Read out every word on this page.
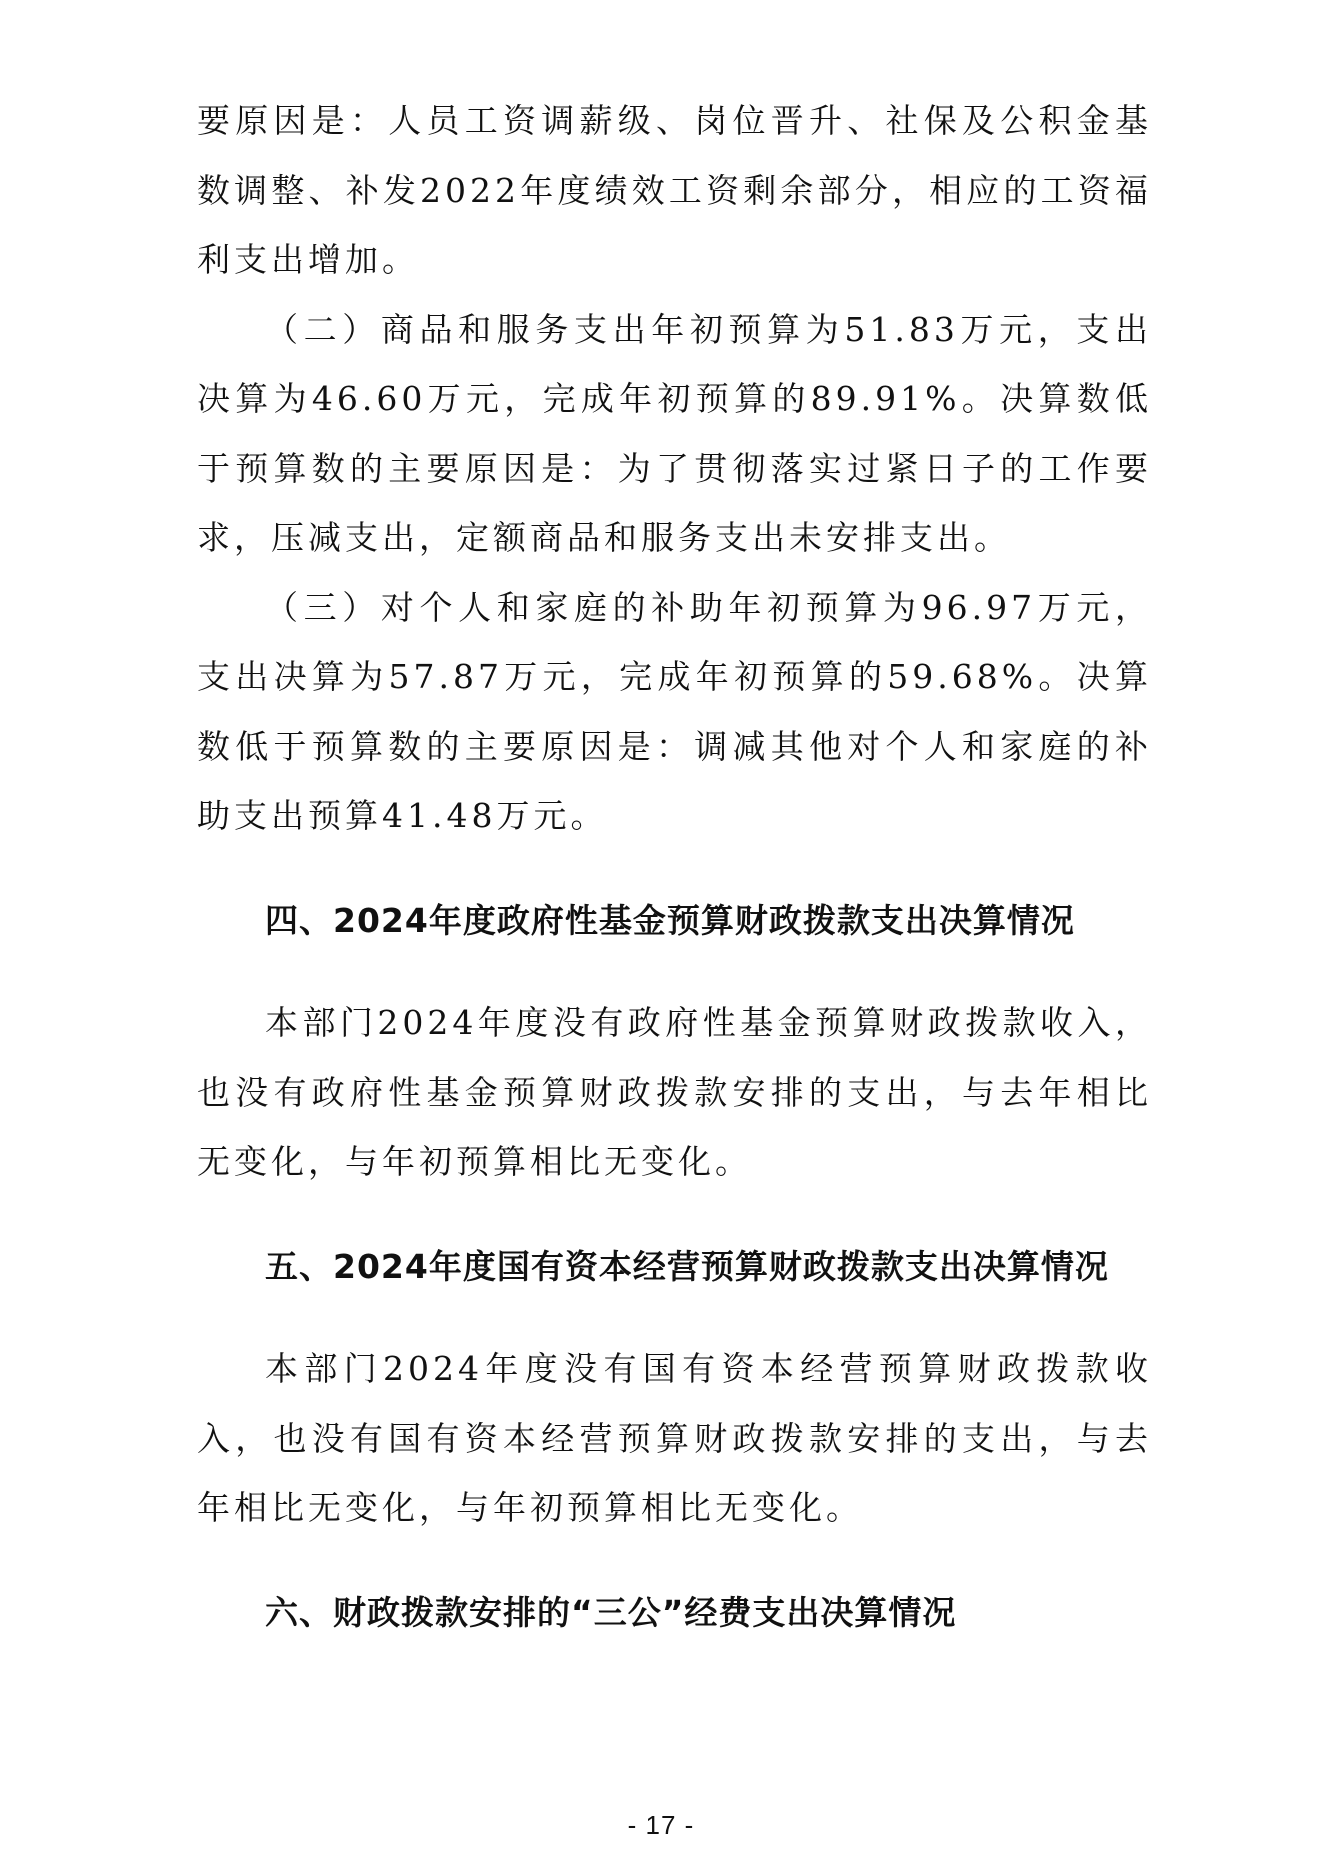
要原因是：人员工资调薪级、岗位晋升、社保及公积金基数调整、补发2022年度绩效工资剩余部分，相应的工资福利支出增加。

（二）商品和服务支出年初预算为51.83万元，支出决算为46.60万元，完成年初预算的89.91%。决算数低于预算数的主要原因是：为了贯彻落实过紧日子的工作要求，压减支出，定额商品和服务支出未安排支出。

（三）对个人和家庭的补助年初预算为96.97万元，支出决算为57.87万元，完成年初预算的59.68%。决算数低于预算数的主要原因是：调减其他对个人和家庭的补助支出预算41.48万元。

四、2024年度政府性基金预算财政拨款支出决算情况

本部门2024年度没有政府性基金预算财政拨款收入，也没有政府性基金预算财政拨款安排的支出，与去年相比无变化，与年初预算相比无变化。

五、2024年度国有资本经营预算财政拨款支出决算情况

本部门2024年度没有国有资本经营预算财政拨款收入，也没有国有资本经营预算财政拨款安排的支出，与去年相比无变化，与年初预算相比无变化。

六、财政拨款安排的“三公”经费支出决算情况
- 17 -
